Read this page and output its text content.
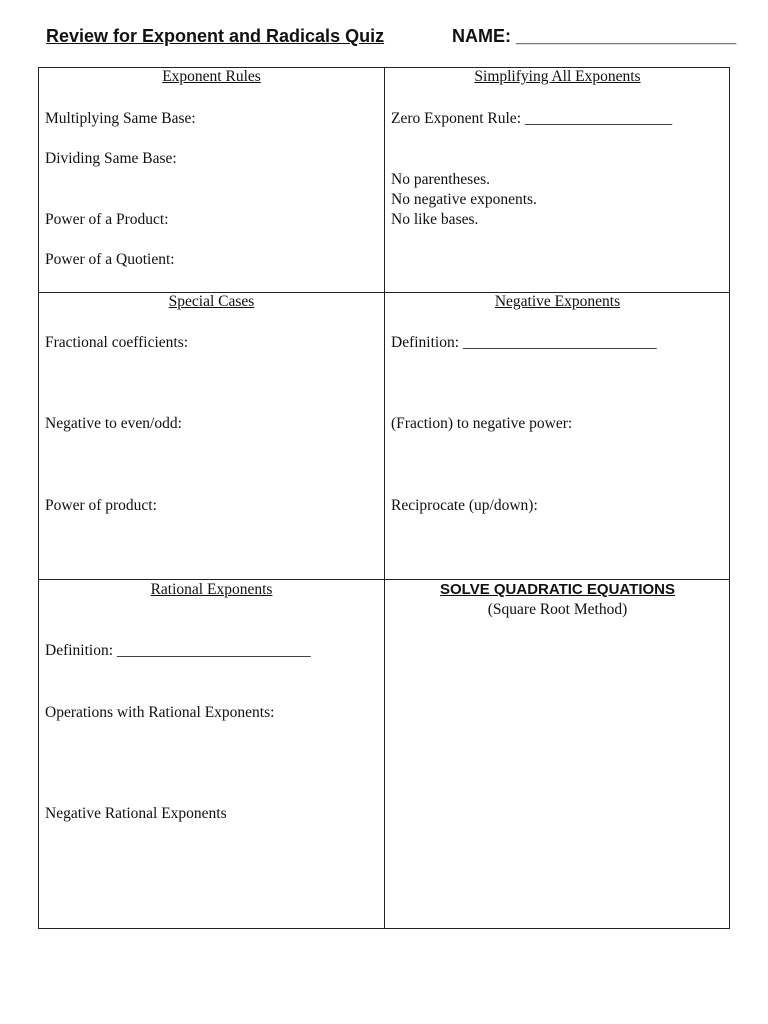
Review for Exponent and Radicals Quiz	NAME: ______________________
Exponent Rules
Multiplying Same Base:
Dividing Same Base:
Power of a Product:
Power of a Quotient:
Simplifying All Exponents
Zero Exponent Rule: ___________________
No parentheses.
No negative exponents.
No like bases.
Special Cases
Fractional coefficients:
Negative to even/odd:
Power of product:
Negative Exponents
Definition: _________________________
(Fraction) to negative power:
Reciprocate (up/down):
Rational Exponents
Definition: _________________________
Operations with Rational Exponents:
Negative Rational Exponents
SOLVE QUADRATIC EQUATIONS
(Square Root Method)
